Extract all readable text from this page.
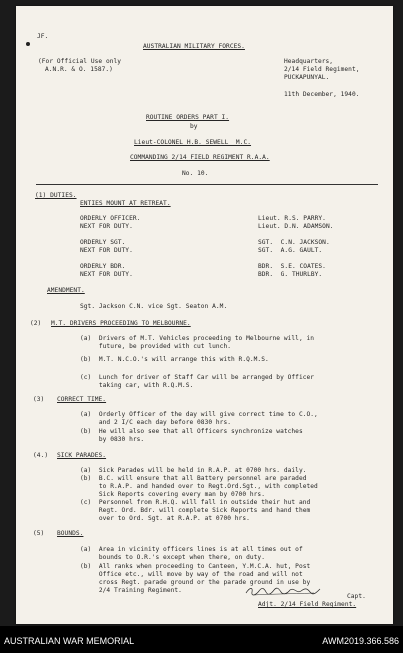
JF.
AUSTRALIAN MILITARY FORCES.
(For Official Use only
A.N.R. & O. 1587.)
Headquarters,
2/14 Field Regiment,
PUCKAPUNYAL.
11th December, 1940.
ROUTINE ORDERS PART I.
by
Lieut-COLONEL H.B. SEWELL  M.C.
COMMANDING 2/14 FIELD REGIMENT R.A.A.
No. 10.
(1) DUTIES.
ENTIES MOUNT AT RETREAT.
ORDERLY OFFICER.
NEXT FOR DUTY.
Lieut. R.S. PARRY.
Lieut. D.N. ADAMSON.
ORDERLY SGT.
NEXT FOR DUTY.
SGT.  C.N. JACKSON.
SGT.  A.G. GAULT.
ORDERLY BDR.
NEXT FOR DUTY.
BDR.  S.E. COATES.
BDR.  G. THURLBY.
AMENDMENT.
Sgt. Jackson C.N. vice Sgt. Seaton A.M.
(2) M.T. DRIVERS PROCEEDING TO MELBOURNE.
(a)  Drivers of M.T. Vehicles proceeding to Melbourne will, in
future, be provided with cut lunch.
(b)  M.T. N.C.O.'s will arrange this with R.Q.M.S.
(c)  Lunch for driver of Staff Car will be arranged by Officer
taking car, with R.Q.M.S.
(3) CORRECT TIME.
(a)  Orderly Officer of the day will give correct time to C.O.,
and 2 I/C each day before 0830 hrs.
(b)  He will also see that all Officers synchronize watches
by 0830 hrs.
(4.) SICK PARADES.
(a)  Sick Parades will be held in R.A.P. at 0700 hrs. daily.
(b)  B.C. will ensure that all Battery personnel are paraded
to R.A.P. and handed over to Regt.Ord.Sgt., with completed
Sick Reports covering every man by 0700 hrs.
(c)  Personnel from R.H.Q. will fall in outside their hut and
Regt. Ord. Bdr. will complete Sick Reports and hand them
over to Ord. Sgt. at R.A.P. at 0700 hrs.
(5) BOUNDS.
(a)  Area in vicinity officers lines is at all times out of
bounds to O.R.'s except when there, on duty.
(b)  All ranks when proceeding to Canteen, Y.M.C.A. hut, Post
Office etc., will move by way of the road and will not
cross Regt. parade ground or the parade ground in use by
2/4 Training Regiment.
Capt.
Adjt. 2/14 Field Regiment.
AUSTRALIAN WAR MEMORIAL	AWM2019.366.586
